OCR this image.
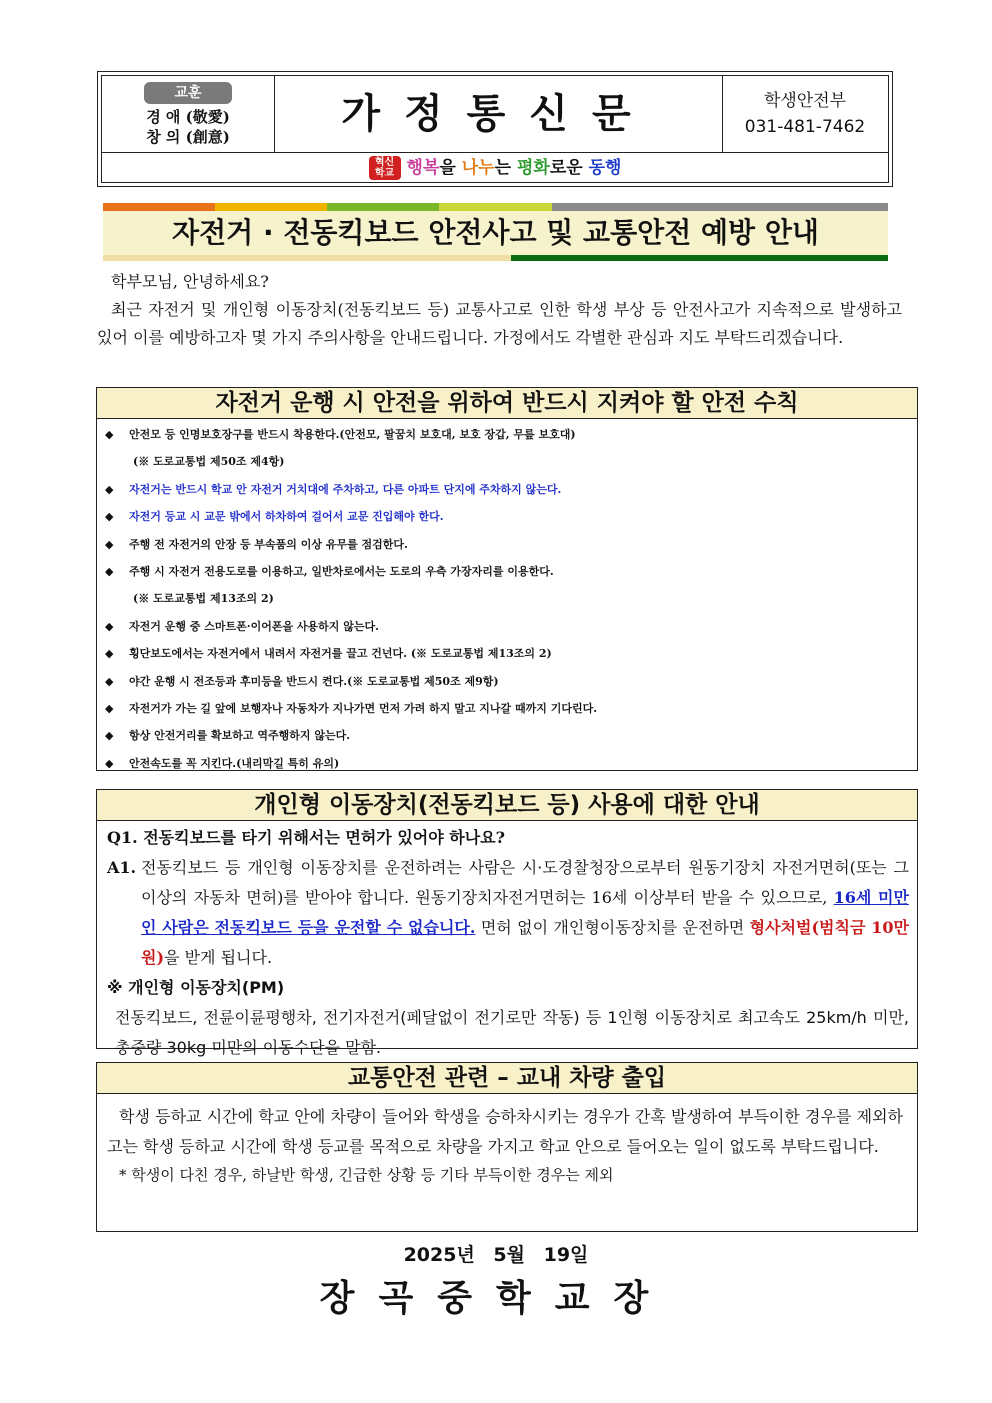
교훈
경 애 (敬愛)
창 의 (創意)	가정통신문	학생안전부
031-481-7462
혁신학교 행복을 나누는 평화로운 동행
자전거 · 전동킥보드 안전사고 및 교통안전 예방 안내

학부모님, 안녕하세요?

최근 자전거 및 개인형 이동장치(전동킥보드 등) 교통사고로 인한 학생 부상 등 안전사고가 지속적으로 발생하고 있어 이를 예방하고자 몇 가지 주의사항을 안내드립니다. 가정에서도 각별한 관심과 지도 부탁드리겠습니다.

자전거 운행 시 안전을 위하여 반드시 지켜야 할 안전 수칙
◆ 안전모 등 인명보호장구를 반드시 착용한다.(안전모, 팔꿈치 보호대, 보호 장갑, 무릎 보호대)
(※ 도로교통법 제50조 제4항)
◆ 자전거는 반드시 학교 안 자전거 거치대에 주차하고, 다른 아파트 단지에 주차하지 않는다.
◆ 자전거 등교 시 교문 밖에서 하차하여 걸어서 교문 진입해야 한다.
◆ 주행 전 자전거의 안장 등 부속품의 이상 유무를 점검한다.
◆ 주행 시 자전거 전용도로를 이용하고, 일반차로에서는 도로의 우측 가장자리를 이용한다.
(※ 도로교통법 제13조의 2)
◆ 자전거 운행 중 스마트폰·이어폰을 사용하지 않는다.
◆ 횡단보도에서는 자전거에서 내려서 자전거를 끌고 건넌다. (※ 도로교통법 제13조의 2)
◆ 야간 운행 시 전조등과 후미등을 반드시 켠다.(※ 도로교통법 제50조 제9항)
◆ 자전거가 가는 길 앞에 보행자나 자동차가 지나가면 먼저 가려 하지 말고 지나갈 때까지 기다린다.
◆ 항상 안전거리를 확보하고 역주행하지 않는다.
◆ 안전속도를 꼭 지킨다.(내리막길 특히 유의)
개인형 이동장치(전동킥보드 등) 사용에 대한 안내
Q1. 전동킥보드를 타기 위해서는 면허가 있어야 하나요?
A1. 전동킥보드 등 개인형 이동장치를 운전하려는 사람은 시·도경찰청장으로부터 원동기장치 자전거면허(또는 그 이상의 자동차 면허)를 받아야 합니다. 원동기장치자전거면허는 16세 이상부터 받을 수 있으므로, 16세 미만인 사람은 전동킥보드 등을 운전할 수 없습니다. 면허 없이 개인형이동장치를 운전하면 형사처벌(범칙금 10만원)을 받게 됩니다.
※ 개인형 이동장치(PM)
전동킥보드, 전륜이륜평행차, 전기자전거(페달없이 전기로만 작동) 등 1인형 이동장치로 최고속도 25km/h 미만, 총중량 30kg 미만의 이동수단을 말함.
교통안전 관련 – 교내 차량 출입

학생 등하교 시간에 학교 안에 차량이 들어와 학생을 승하차시키는 경우가 간혹 발생하여 부득이한 경우를 제외하고는 학생 등하교 시간에 학생 등교를 목적으로 차량을 가지고 학교 안으로 들어오는 일이 없도록 부탁드립니다.

* 학생이 다친 경우, 하날반 학생, 긴급한 상황 등 기타 부득이한 경우는 제외

2025년 5월 19일
장곡중학교장
